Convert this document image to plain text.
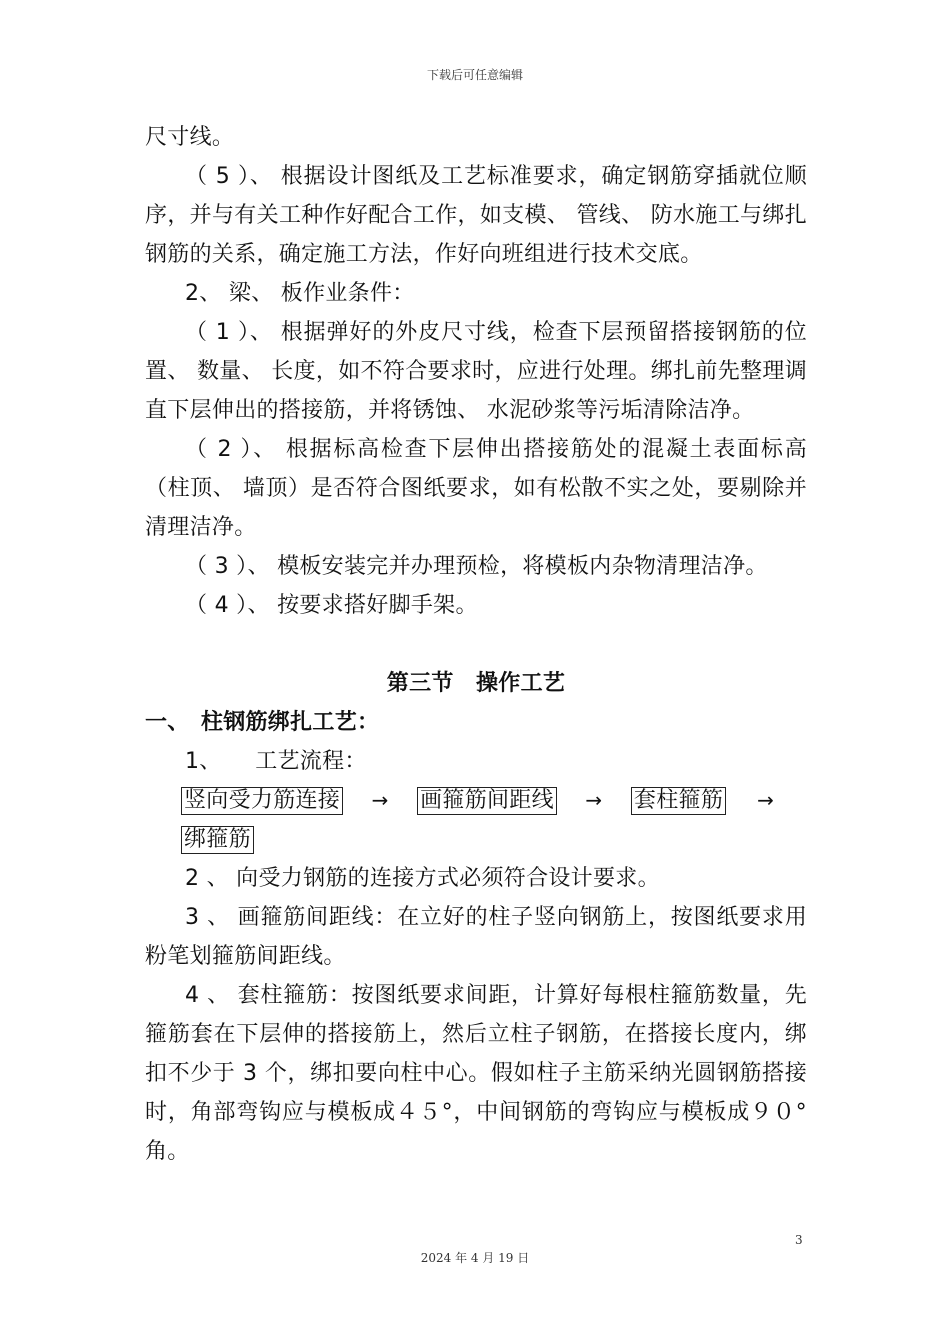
下载后可任意编辑

尺寸线。

（ 5 ）、 根据设计图纸及工艺标准要求，确定钢筋穿插就位顺序，并与有关工种作好配合工作，如支模、 管线、 防水施工与绑扎钢筋的关系，确定施工方法，作好向班组进行技术交底。

2、 梁、 板作业条件：

（ 1 ）、 根据弹好的外皮尺寸线，检查下层预留搭接钢筋的位置、 数量、 长度，如不符合要求时，应进行处理。绑扎前先整理调直下层伸出的搭接筋，并将锈蚀、 水泥砂浆等污垢清除洁净。

（ 2 ）、 根据标高检查下层伸出搭接筋处的混凝土表面标高（柱顶、 墙顶）是否符合图纸要求，如有松散不实之处，要剔除并清理洁净。

（ 3 ）、 模板安装完并办理预检，将模板内杂物清理洁净。

（ 4 ）、 按要求搭好脚手架。

第三节　操作工艺

一、　柱钢筋绑扎工艺：

1、　　工艺流程：

竖向受力筋连接	→	画箍筋间距线	→	套柱箍筋	→
绑箍筋

2 、 向受力钢筋的连接方式必须符合设计要求。

3 、 画箍筋间距线：在立好的柱子竖向钢筋上，按图纸要求用粉笔划箍筋间距线。

4 、 套柱箍筋：按图纸要求间距，计算好每根柱箍筋数量，先箍筋套在下层伸的搭接筋上，然后立柱子钢筋，在搭接长度内，绑扣不少于 3 个，绑扣要向柱中心。假如柱子主筋采纳光圆钢筋搭接时，角部弯钩应与模板成４５°，中间钢筋的弯钩应与模板成９０°角。

3
2024 年 4 月 19 日
